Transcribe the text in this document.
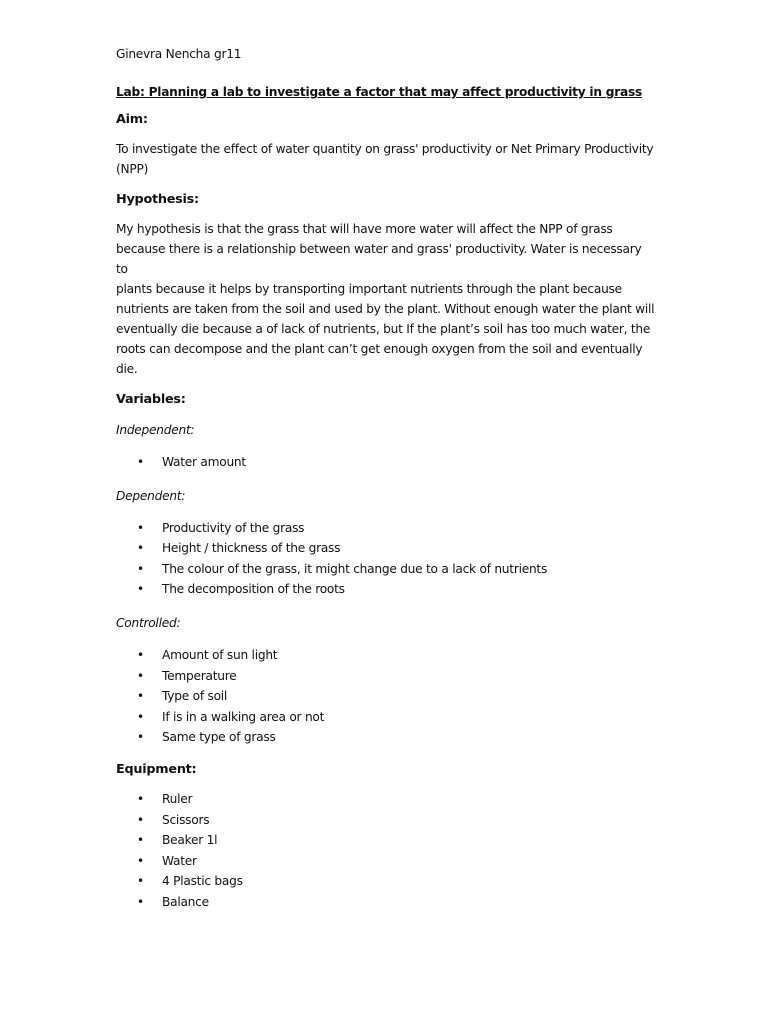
Ginevra Nencha gr11

Lab: Planning a lab to investigate a factor that may affect productivity in grass

Aim:

To investigate the effect of water quantity on grass' productivity or Net Primary Productivity
(NPP)

Hypothesis:

My hypothesis is that the grass that will have more water will affect the NPP of grass
because there is a relationship between water and grass' productivity. Water is necessary to
plants because it helps by transporting important nutrients through the plant because
nutrients are taken from the soil and used by the plant. Without enough water the plant will
eventually die because a of lack of nutrients, but If the plant’s soil has too much water, the
roots can decompose and the plant can’t get enough oxygen from the soil and eventually
die.

Variables:

Independent:

• Water amount

Dependent:

• Productivity of the grass
• Height / thickness of the grass
• The colour of the grass, it might change due to a lack of nutrients
• The decomposition of the roots

Controlled:

• Amount of sun light
• Temperature
• Type of soil
• If is in a walking area or not
• Same type of grass

Equipment:

• Ruler
• Scissors
• Beaker 1l
• Water
• 4 Plastic bags
• Balance
